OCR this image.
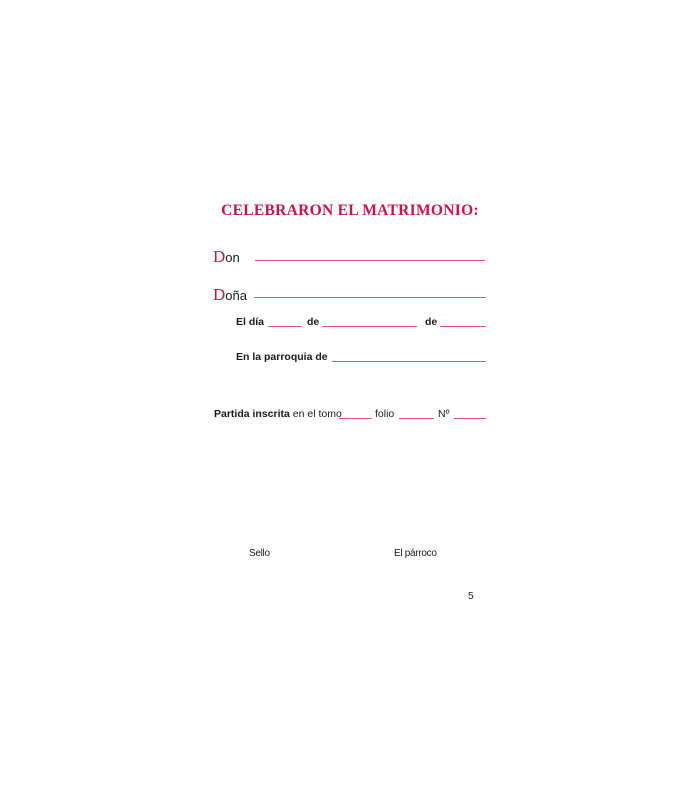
CELEBRARON EL MATRIMONIO:
Don
Doña
El día	de	de
En la parroquia de
Partida inscrita en el tomo	folio	Nº
Sello	El párroco
5
